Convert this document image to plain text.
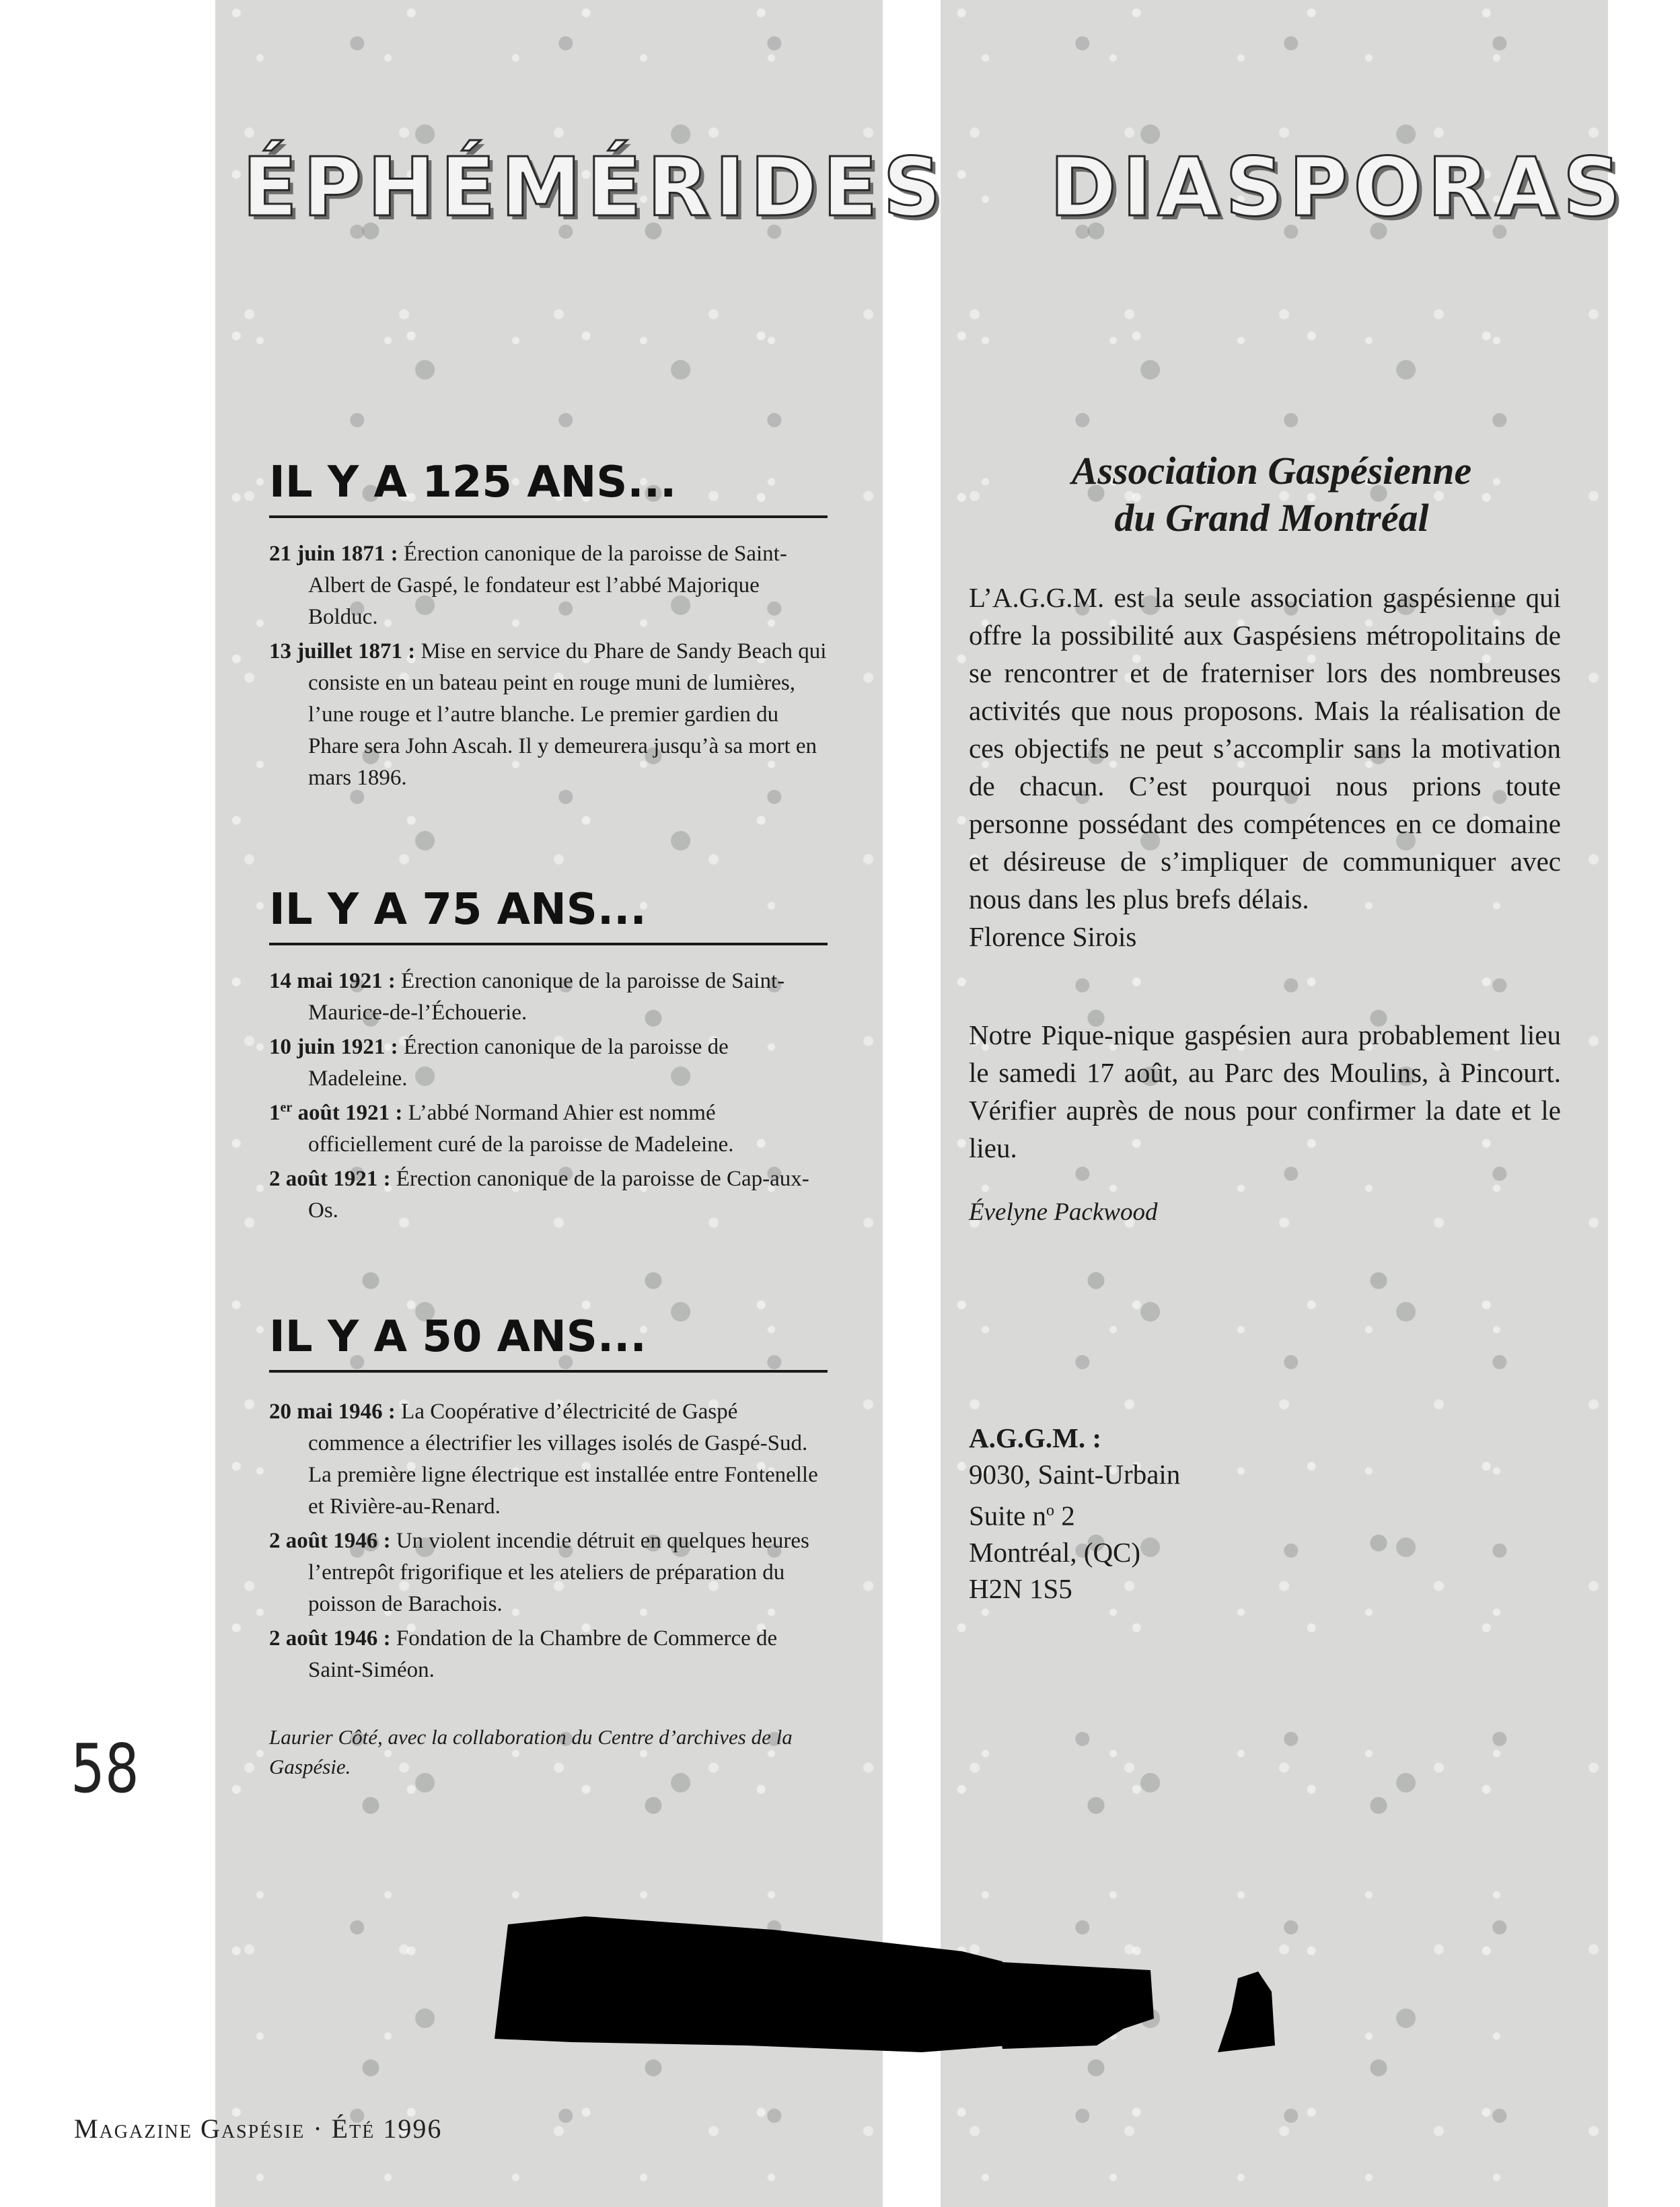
ÉPHÉMÉRIDES DIASPORAS
IL Y A 125 ANS...
21 juin 1871 : Érection canonique de la paroisse de Saint-Albert de Gaspé, le fondateur est l’abbé Majorique Bolduc.
13 juillet 1871 : Mise en service du Phare de Sandy Beach qui consiste en un bateau peint en rouge muni de lumières, l’une rouge et l’autre blanche. Le premier gardien du Phare sera John Ascah. Il y demeurera jusqu’à sa mort en mars 1896.
IL Y A 75 ANS...
14 mai 1921 : Érection canonique de la paroisse de Saint-Maurice-de-l’Échouerie.
10 juin 1921 : Érection canonique de la paroisse de Madeleine.
1er août 1921 : L’abbé Normand Ahier est nommé officiellement curé de la paroisse de Madeleine.
2 août 1921 : Érection canonique de la paroisse de Cap-aux-Os.
IL Y A 50 ANS...
20 mai 1946 : La Coopérative d’électricité de Gaspé commence a électrifier les villages isolés de Gaspé-Sud. La première ligne électrique est installée entre Fontenelle et Rivière-au-Renard.
2 août 1946 : Un violent incendie détruit en quelques heures l’entrepôt frigorifique et les ateliers de préparation du poisson de Barachois.
2 août 1946 : Fondation de la Chambre de Commerce de Saint-Siméon.
Laurier Côté, avec la collaboration du Centre d’archives de la Gaspésie.
Association Gaspésienne
du Grand Montréal
L’A.G.G.M. est la seule association gaspésienne qui offre la possibilité aux Gaspésiens métropolitains de se rencontrer et de fraterniser lors des nombreuses activités que nous proposons. Mais la réalisation de ces objectifs ne peut s’accomplir sans la motivation de chacun. C’est pourquoi nous prions toute personne possédant des compétences en ce domaine et désireuse de s’impliquer de communiquer avec nous dans les plus brefs délais.
Florence Sirois
Notre Pique-nique gaspésien aura probablement lieu le samedi 17 août, au Parc des Moulins, à Pincourt. Vérifier auprès de nous pour confirmer la date et le lieu.
Évelyne Packwood
A.G.G.M. :
9030, Saint-Urbain
Suite $n^o$ 2
Montréal, (QC)
H2N 1S5
58
Magazine Gaspésie · Été 1996
